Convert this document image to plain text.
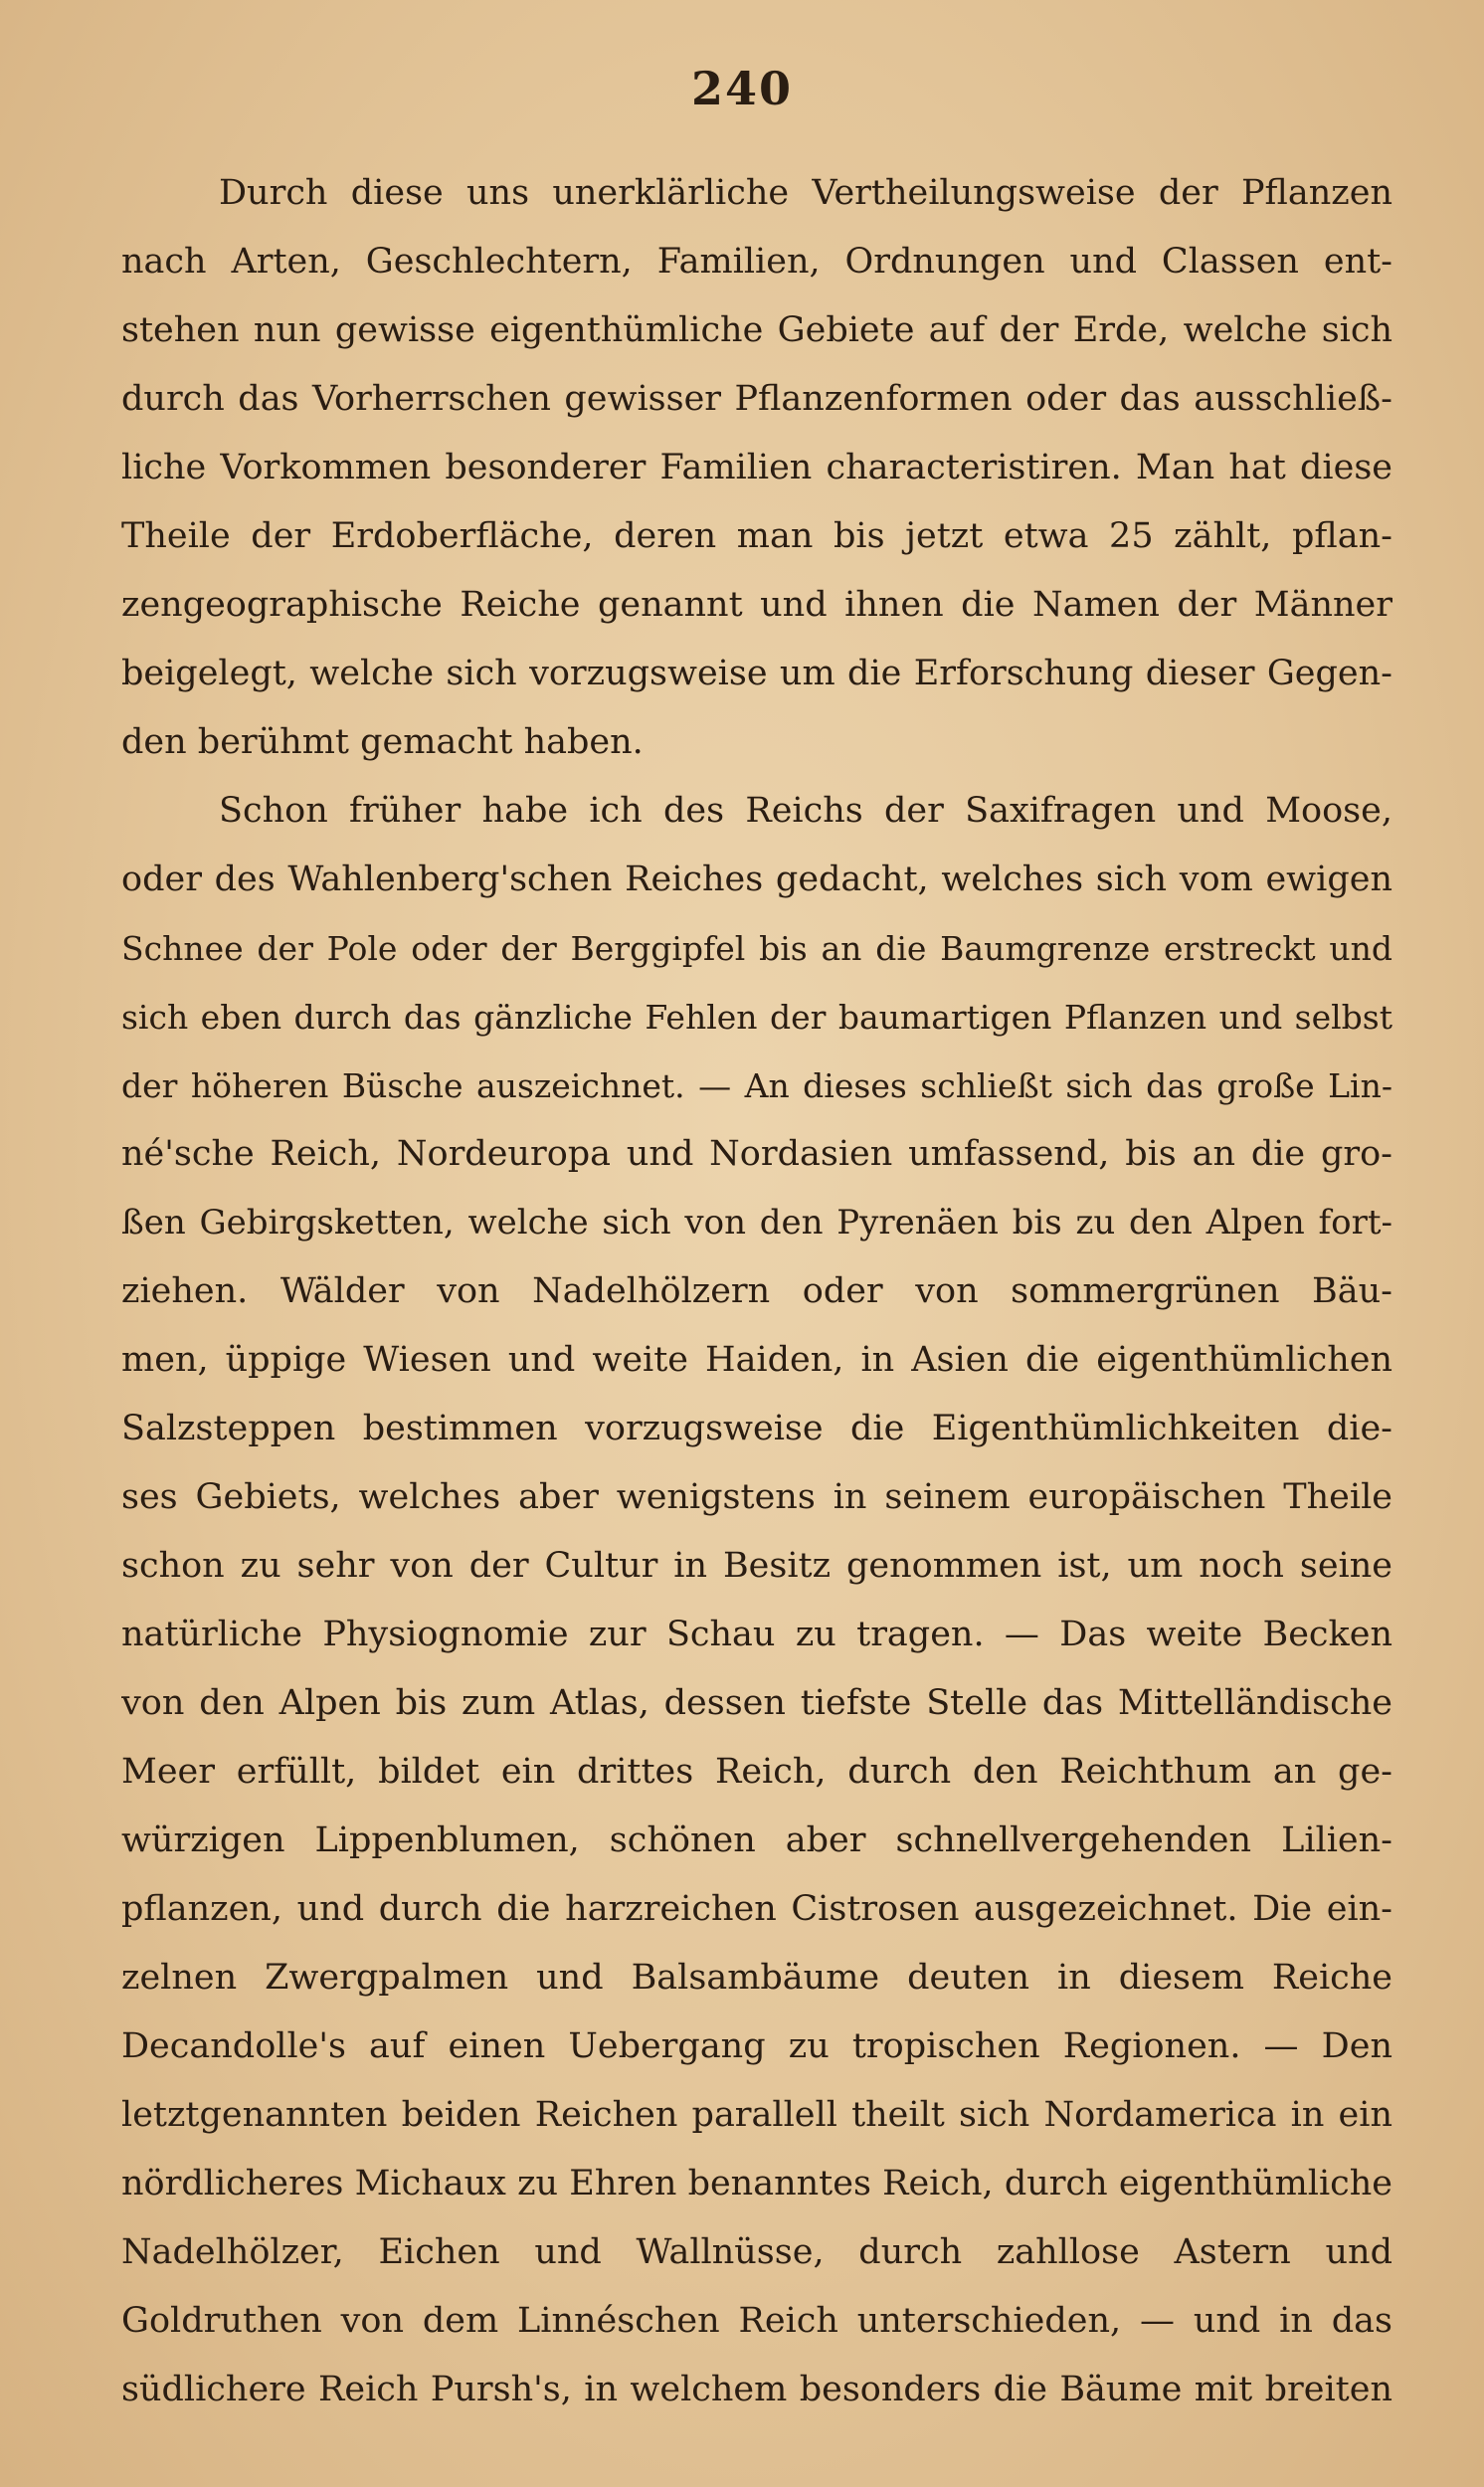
240
Durch diese uns unerklärliche Vertheilungsweise der Pflanzen
nach Arten, Geschlechtern, Familien, Ordnungen und Classen ent-
stehen nun gewisse eigenthümliche Gebiete auf der Erde, welche sich
durch das Vorherrschen gewisser Pflanzenformen oder das ausschließ-
liche Vorkommen besonderer Familien characteristiren. Man hat diese
Theile der Erdoberfläche, deren man bis jetzt etwa 25 zählt, pflan-
zengeographische Reiche genannt und ihnen die Namen der Männer
beigelegt, welche sich vorzugsweise um die Erforschung dieser Gegen-
den berühmt gemacht haben.
Schon früher habe ich des Reichs der Saxifragen und Moose,
oder des Wahlenberg'schen Reiches gedacht, welches sich vom ewigen
Schnee der Pole oder der Berggipfel bis an die Baumgrenze erstreckt und
sich eben durch das gänzliche Fehlen der baumartigen Pflanzen und selbst
der höheren Büsche auszeichnet. — An dieses schließt sich das große Lin-
né'sche Reich, Nordeuropa und Nordasien umfassend, bis an die gro-
ßen Gebirgsketten, welche sich von den Pyrenäen bis zu den Alpen fort-
ziehen. Wälder von Nadelhölzern oder von sommergrünen Bäu-
men, üppige Wiesen und weite Haiden, in Asien die eigenthümlichen
Salzsteppen bestimmen vorzugsweise die Eigenthümlichkeiten die-
ses Gebiets, welches aber wenigstens in seinem europäischen Theile
schon zu sehr von der Cultur in Besitz genommen ist, um noch seine
natürliche Physiognomie zur Schau zu tragen. — Das weite Becken
von den Alpen bis zum Atlas, dessen tiefste Stelle das Mittelländische
Meer erfüllt, bildet ein drittes Reich, durch den Reichthum an ge-
würzigen Lippenblumen, schönen aber schnellvergehenden Lilien-
pflanzen, und durch die harzreichen Cistrosen ausgezeichnet. Die ein-
zelnen Zwergpalmen und Balsambäume deuten in diesem Reiche
Decandolle's auf einen Uebergang zu tropischen Regionen. — Den
letztgenannten beiden Reichen parallell theilt sich Nordamerica in ein
nördlicheres Michaux zu Ehren benanntes Reich, durch eigenthümliche
Nadelhölzer, Eichen und Wallnüsse, durch zahllose Astern und
Goldruthen von dem Linnéschen Reich unterschieden, — und in das
südlichere Reich Pursh's, in welchem besonders die Bäume mit breiten
